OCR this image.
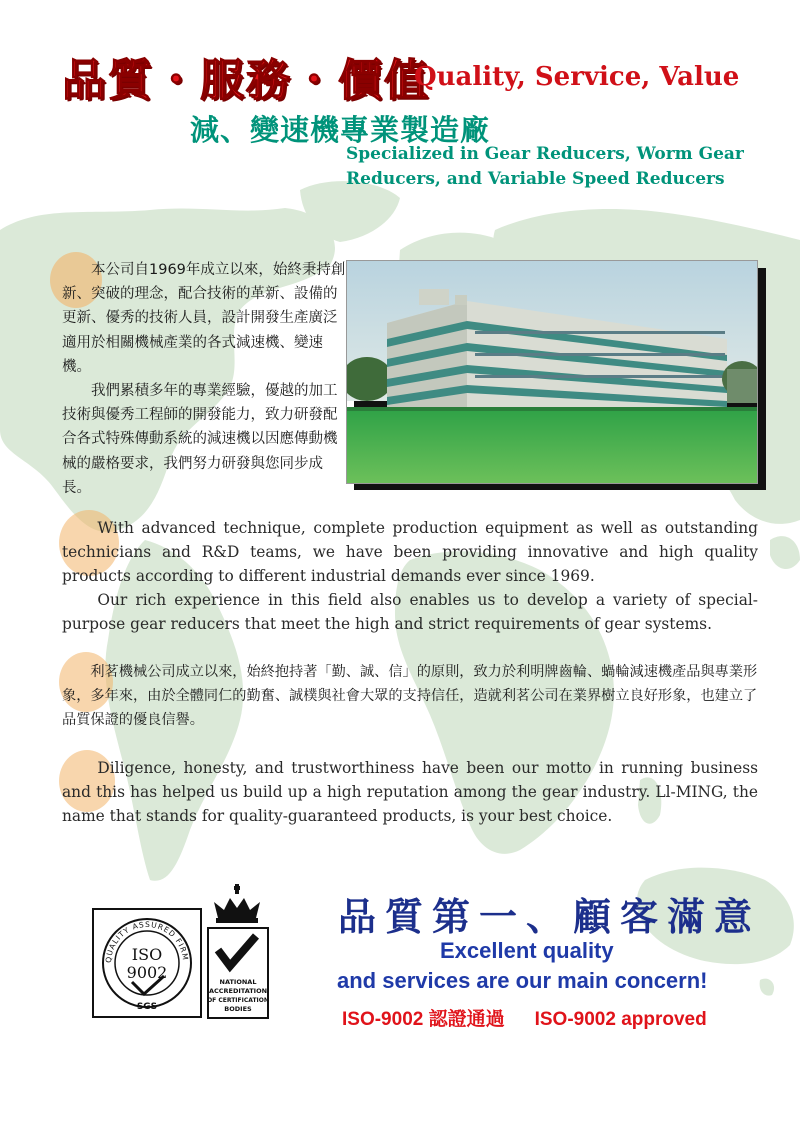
品質・服務・價值
Quality, Service, Value
減、變速機專業製造廠
Specialized in Gear Reducers, Worm Gear
Reducers, and Variable Speed Reducers

本公司自1969年成立以來，始終秉持創新、突破的理念，配合技術的革新、設備的更新、優秀的技術人員，設計開發生產廣泛適用於相關機械產業的各式減速機、變速機。

我們累積多年的專業經驗，優越的加工技術與優秀工程師的開發能力，致力研發配合各式特殊傳動系統的減速機以因應傳動機械的嚴格要求，我們努力研發與您同步成長。

With advanced technique, complete production equipment as well as outstanding technicians and R&D teams, we have been providing innovative and high quality products according to different industrial demands ever since 1969.

Our rich experience in this field also enables us to develop a variety of special-purpose gear reducers that meet the high and strict requirements of gear systems.

利茗機械公司成立以來，始終抱持著「勤、誠、信」的原則，致力於利明牌齒輪、蝸輪減速機產品與專業形象，多年來，由於全體同仁的勤奮、誠樸與社會大眾的支持信任，造就利茗公司在業界樹立良好形象，也建立了品質保證的優良信譽。

Diligence, honesty, and trustworthiness have been our motto in running business and this has helped us build up a high reputation among the gear industry. Ll-MING, the name that stands for quality-guaranteed products, is your best choice.

QUALITY ASSURED FIRM
ISO
9002
SGS
NATIONAL
ACCREDITATION
OF CERTIFICATION
BODIES
品質第一、顧客滿意
Excellent quality
and services are our main concern!
ISO-9002 認證通過 ISO-9002 approved
